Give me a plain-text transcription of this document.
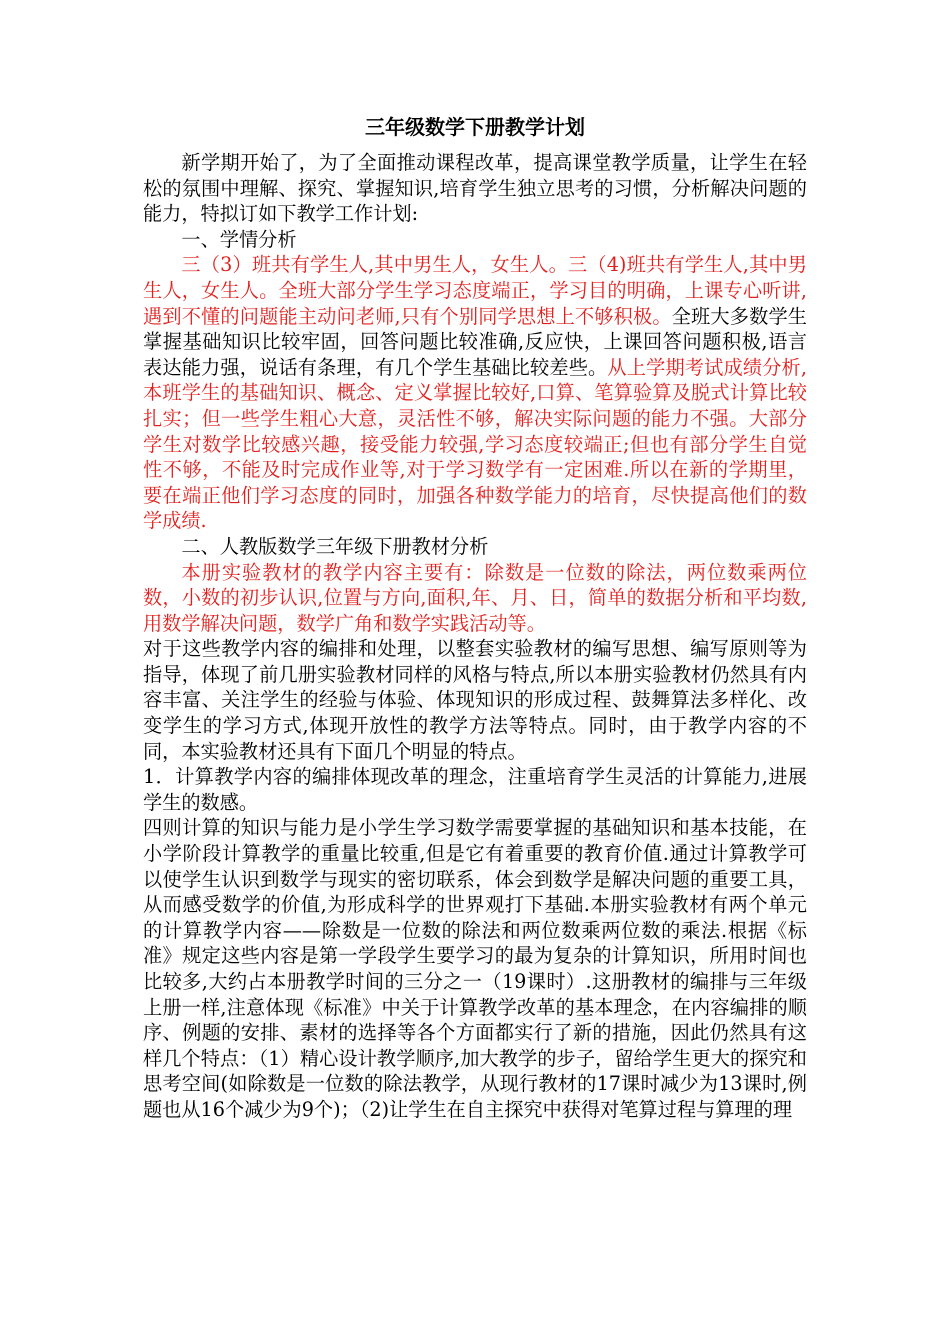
三年级数学下册教学计划

新学期开始了，为了全面推动课程改革，提高课堂教学质量，让学生在轻松的氛围中理解、探究、掌握知识,培育学生独立思考的习惯，分析解决问题的能力，特拟订如下教学工作计划:

一、学情分析

三（3）班共有学生人,其中男生人，女生人。三（4)班共有学生人,其中男生人，女生人。全班大部分学生学习态度端正，学习目的明确，上课专心听讲,遇到不懂的问题能主动问老师,只有个别同学思想上不够积极。全班大多数学生掌握基础知识比较牢固，回答问题比较准确,反应快，上课回答问题积极,语言表达能力强，说话有条理，有几个学生基础比较差些。从上学期考试成绩分析,本班学生的基础知识、概念、定义掌握比较好,口算、笔算验算及脱式计算比较扎实；但一些学生粗心大意，灵活性不够，解决实际问题的能力不强。大部分学生对数学比较感兴趣，接受能力较强,学习态度较端正;但也有部分学生自觉性不够，不能及时完成作业等,对于学习数学有一定困难.所以在新的学期里，要在端正他们学习态度的同时，加强各种数学能力的培育，尽快提高他们的数学成绩.

二、人教版数学三年级下册教材分析

本册实验教材的教学内容主要有：除数是一位数的除法，两位数乘两位数，小数的初步认识,位置与方向,面积,年、月、日，简单的数据分析和平均数,用数学解决问题，数学广角和数学实践活动等。

对于这些教学内容的编排和处理，以整套实验教材的编写思想、编写原则等为指导，体现了前几册实验教材同样的风格与特点,所以本册实验教材仍然具有内容丰富、关注学生的经验与体验、体现知识的形成过程、鼓舞算法多样化、改变学生的学习方式,体现开放性的教学方法等特点。同时，由于教学内容的不同，本实验教材还具有下面几个明显的特点。

1．计算教学内容的编排体现改革的理念，注重培育学生灵活的计算能力,进展学生的数感。

四则计算的知识与能力是小学生学习数学需要掌握的基础知识和基本技能，在小学阶段计算教学的重量比较重,但是它有着重要的教育价值.通过计算教学可以使学生认识到数学与现实的密切联系，体会到数学是解决问题的重要工具，从而感受数学的价值,为形成科学的世界观打下基础.本册实验教材有两个单元的计算教学内容——除数是一位数的除法和两位数乘两位数的乘法.根据《标准》规定这些内容是第一学段学生要学习的最为复杂的计算知识，所用时间也比较多,大约占本册教学时间的三分之一（19课时）.这册教材的编排与三年级上册一样,注意体现《标准》中关于计算教学改革的基本理念，在内容编排的顺序、例题的安排、素材的选择等各个方面都实行了新的措施，因此仍然具有这样几个特点：（1）精心设计教学顺序,加大教学的步子，留给学生更大的探究和思考空间(如除数是一位数的除法教学，从现行教材的17课时减少为13课时,例题也从16个减少为9个)；（2)让学生在自主探究中获得对笔算过程与算理的理
